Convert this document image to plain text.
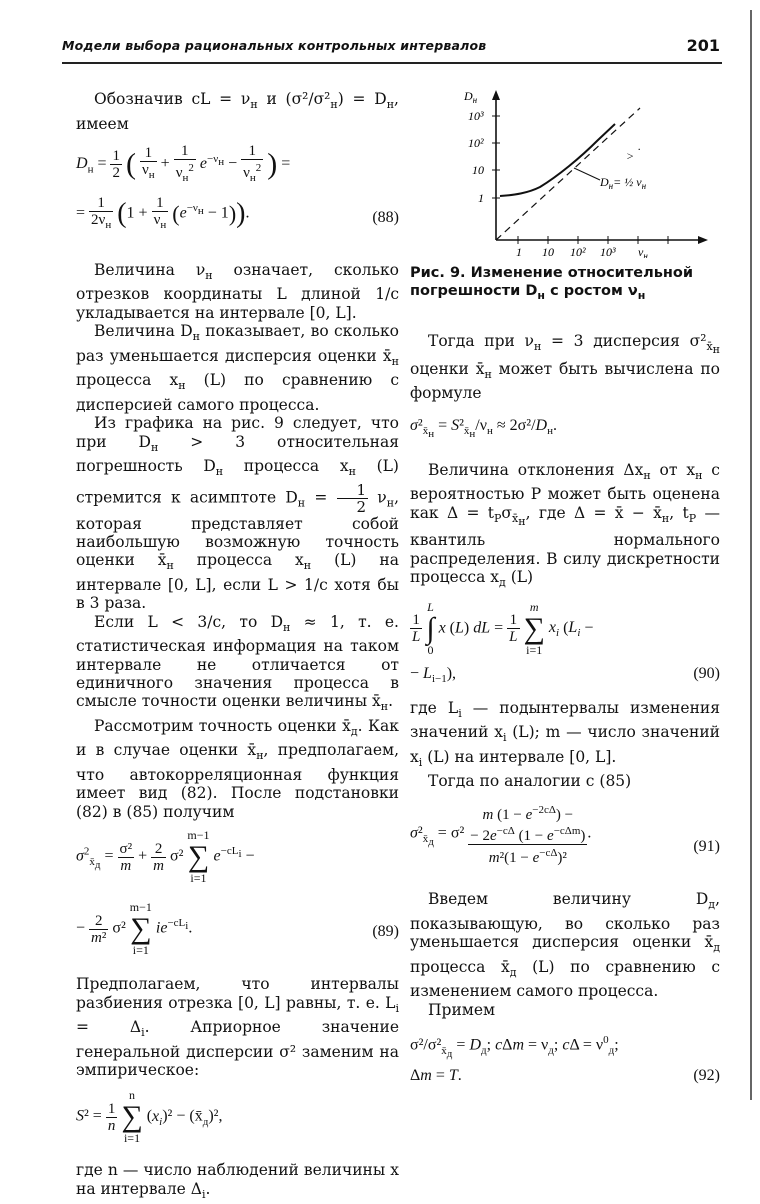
Модели выбора рациональных контрольных интервалов	201

Обозначив cL = $\nu_н$ и $(\sigma^2/\sigma^2_н) = D_н$, имеем

$D_н = \frac{1}{2}$ ( $\frac{1}{\nu_н} + \frac{1}{\nu_н^2} e^{-\nu_н} - \frac{1}{\nu_н^2}$ ) =
= $\frac{1}{2\nu_н} (1 + \frac{1}{\nu_н} (e^{-\nu_н} - 1))$.	(88)

Величина $\nu_н$ означает, сколько отрезков координаты L длиной 1/c укладывается на интервале [0, L].

Величина $D_н$ показывает, во сколько раз уменьшается дисперсия оценки $x̄_н$ процесса $x_н$ (L) по сравнению с дисперсией самого процесса.

Из графика на рис. 9 следует, что при $D_н > 3$ относительная погрешность $D_н$ процесса $x_н$ (L) стремится к асимптоте $D_н = \frac{1}{2} \nu_н$, которая представляет собой наибольшую возможную точность оценки $x̄_н$ процесса $x_н$ (L) на интервале [0, L], если L > 1/c хотя бы в 3 раза.

Если L < 3/c, то $D_н \approx 1$, т. е. статистическая информация на таком интервале не отличается от единичного значения процесса в смысле точности оценки величины $x̄_н$.

Рассмотрим точность оценки $x̄_д$. Как и в случае оценки $x̄_н$, предполагаем, что автокорреляционная функция имеет вид (82). После подстановки (82) в (85) получим

$\sigma^2_{x̄_д} = \frac{\text{σ²}}{m} + \frac{2}{m} \sigma^2$ m−1
∑
i=1 $e^{-cL_i}$ −
− $\frac{2}{\text{m²}} \sigma^2$ m−1
∑
i=1 $ie^{-cL_i}$.	(89)

Предполагаем, что интервалы разбиения отрезка [0, L] равны, т. е. $L_i = \Delta_i$. Априорное значение генеральной дисперсии σ² заменим на эмпирическое:

$S^2 = \frac{1}{n}$
n
∑
i=1 $(x_i)^2$ − $(x̄_д)^2$,

где n — число наблюдений величины x на интервале $\Delta_i$.

>
.
$D_н$
10³
10²
10
1
1 10 10² 10³ $\nu_н$
$D_н=$ ½ $\nu_н$
Рис. 9. Изменение относительной погрешности $D_н$ с ростом $\nu_н$

Тогда при $\nu_н = 3$ дисперсия $\sigma^2_{x̄_н}$ оценки $x̄_н$ может быть вычислена по формуле

$\sigma^2_{x̄_н} = S^2_{x̄_н}/\nu_н \approx 2\sigma^2/D_н$.

Величина отклонения $\Delta x_н$ от $x_н$ с вероятностью P может быть оценена как $\Delta = t_P\sigma_{x̄_н}$, где Δ = x̄ − $x̄_н$, $t_P$ — квантиль нормального распределения. В силу дискретности процесса $x_д$ (L)

$\frac{1}{L}$
L
∫
0 x (L) dL = $\frac{1}{L}$
m
∑
i=1 $x_i$ ($L_i$ −
− $L_{i-1}$),	(90)

где $L_i$ — подынтервалы изменения значений $x_i$ (L); m — число значений $x_i$ (L) на интервале [0, L].

Тогда по аналогии с (85)

$\sigma^2_{x̄_д} = \sigma^2$
m $(1 - e^{-2c\Delta})$ −
− $2e^{-c\Delta}$ $(1 - e^{-c\Delta m})$
$m^2(1 - e^{-c\Delta})^2$
.
(91)

Введем величину $D_д$, показывающую, во сколько раз уменьшается дисперсия оценки $x̄_д$ процесса $x̄_д$ (L) по сравнению с изменением самого процесса.

Примем

$\sigma^2/\sigma^2_{x̄_д} = D_д$; $c\Delta m = \nu_д$; $c\Delta = \nu^0_д$;
Δm = T.	(92)
